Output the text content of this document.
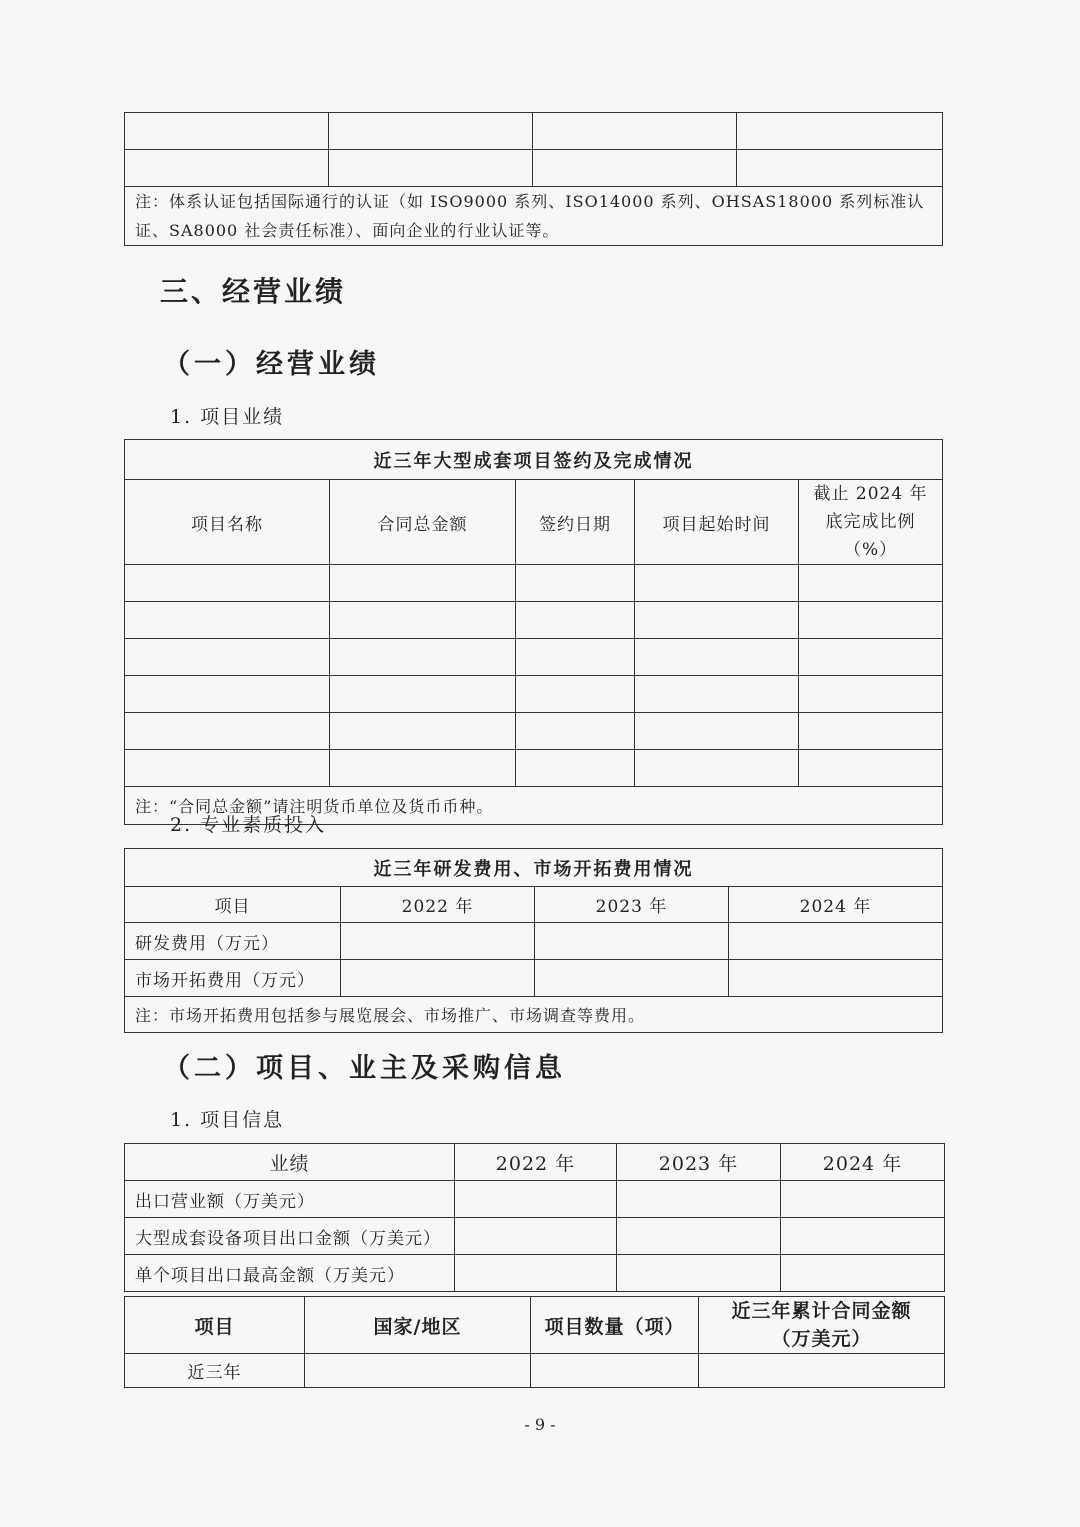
注：体系认证包括国际通行的认证（如 ISO9000 系列、ISO14000 系列、OHSAS18000 系列标准认证、SA8000 社会责任标准）、面向企业的行业认证等。			
三、经营业绩
（一）经营业绩
1. 项目业绩
近三年大型成套项目签约及完成情况				
项目名称	合同总金额	签约日期	项目起始时间	截止 2024 年底完成比例（%）

注：“合同总金额”请注明货币单位及货币币种。				
2. 专业素质投入
近三年研发费用、市场开拓费用情况			
项目	2022 年	2023 年	2024 年
研发费用（万元）			
市场开拓费用（万元）			
注：市场开拓费用包括参与展览展会、市场推广、市场调查等费用。			
（二）项目、业主及采购信息
1. 项目信息
业绩	2022 年	2023 年	2024 年
出口营业额（万美元）			
大型成套设备项目出口金额（万美元）			
单个项目出口最高金额（万美元）			
项目	国家/地区	项目数量（项）	近三年累计合同金额（万美元）
近三年			
- 9 -
